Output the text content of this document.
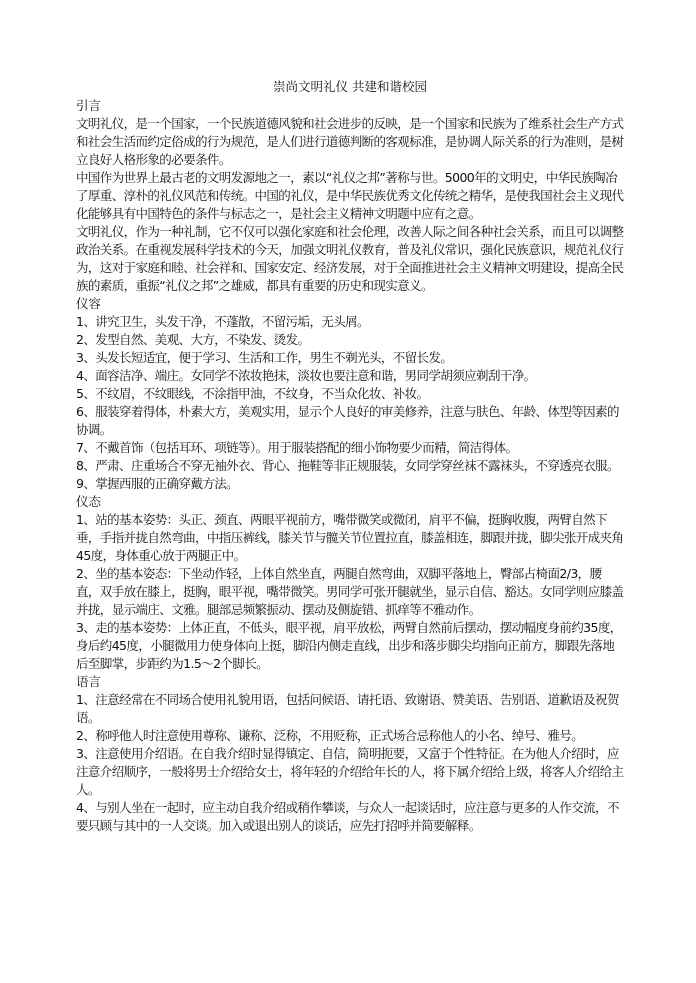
崇尚文明礼仪 共建和谐校园
引言
文明礼仪，是一个国家，一个民族道德风貌和社会进步的反映，是一个国家和民族为了维系社会生产方式和社会生活而约定俗成的行为规范，是人们进行道德判断的客观标准，是协调人际关系的行为准则，是树立良好人格形象的必要条件。
中国作为世界上最古老的文明发源地之一，素以“礼仪之邦”著称与世。5000年的文明史，中华民族陶冶了厚重、淳朴的礼仪风范和传统。中国的礼仪，是中华民族优秀文化传统之精华，是使我国社会主义现代化能够具有中国特色的条件与标志之一，是社会主义精神文明题中应有之意。
文明礼仪，作为一种礼制，它不仅可以强化家庭和社会伦理，改善人际之间各种社会关系，而且可以调整政治关系。在重视发展科学技术的今天，加强文明礼仪教育，普及礼仪常识，强化民族意识，规范礼仪行为，这对于家庭和睦、社会祥和、国家安定、经济发展，对于全面推进社会主义精神文明建设，提高全民族的素质，重振“礼仪之邦”之雄威，都具有重要的历史和现实意义。
仪容
1、讲究卫生，头发干净，不蓬散，不留污垢，无头屑。
2、发型自然、美观、大方，不染发、烫发。
3、头发长短适宜，便于学习、生活和工作，男生不剃光头，不留长发。
4、面容洁净、端庄。女同学不浓妆艳抹，淡妆也要注意和谐，男同学胡须应剃刮干净。
5、不纹眉，不纹眼线，不涂指甲油，不纹身，不当众化妆、补妆。
6、服装穿着得体，朴素大方，美观实用，显示个人良好的审美修养，注意与肤色、年龄、体型等因素的协调。
7、不戴首饰（包括耳环、项链等）。用于服装搭配的细小饰物要少而精，简洁得体。
8、严肃、庄重场合不穿无袖外衣、背心、拖鞋等非正规服装，女同学穿丝袜不露袜头，不穿透亮衣服。
9、掌握西服的正确穿戴方法。
仪态
1、站的基本姿势：头正、颈直、两眼平视前方，嘴带微笑或微闭，肩平不偏，挺胸收腹，两臂自然下垂，手指并拢自然弯曲，中指压裤线，膝关节与髋关节位置拉直，膝盖相连，脚跟并拢，脚尖张开成夹角45度，身体重心放于两腿正中。
2、坐的基本姿态：下坐动作轻，上体自然坐直，两腿自然弯曲，双脚平落地上，臀部占椅面2/3，腰直，双手放在膝上，挺胸，眼平视，嘴带微笑。男同学可张开腿就坐，显示自信、豁达。女同学则应膝盖并拢，显示端庄、文雅。腿部忌频繁振动、摆动及侧旋错、抓痒等不雅动作。
3、走的基本姿势：上体正直，不低头，眼平视，肩平放松，两臂自然前后摆动，摆动幅度身前约35度，身后约45度，小腿微用力使身体向上挺，脚沿内侧走直线，出步和落步脚尖均指向正前方，脚跟先落地后至脚掌，步距约为1.5～2个脚长。
语言
1、注意经常在不同场合使用礼貌用语，包括问候语、请托语、致谢语、赞美语、告别语、道歉语及祝贺语。
2、称呼他人时注意使用尊称、谦称、泛称，不用贬称，正式场合忌称他人的小名、绰号、雅号。
3、注意使用介绍语。在自我介绍时显得镇定、自信，简明扼要，又富于个性特征。在为他人介绍时，应注意介绍顺序，一般将男士介绍给女士，将年轻的介绍给年长的人，将下属介绍给上级，将客人介绍给主人。
4、与别人坐在一起时，应主动自我介绍或稍作攀谈，与众人一起谈话时，应注意与更多的人作交流，不要只顾与其中的一人交谈。加入或退出别人的谈话，应先打招呼并简要解释。
